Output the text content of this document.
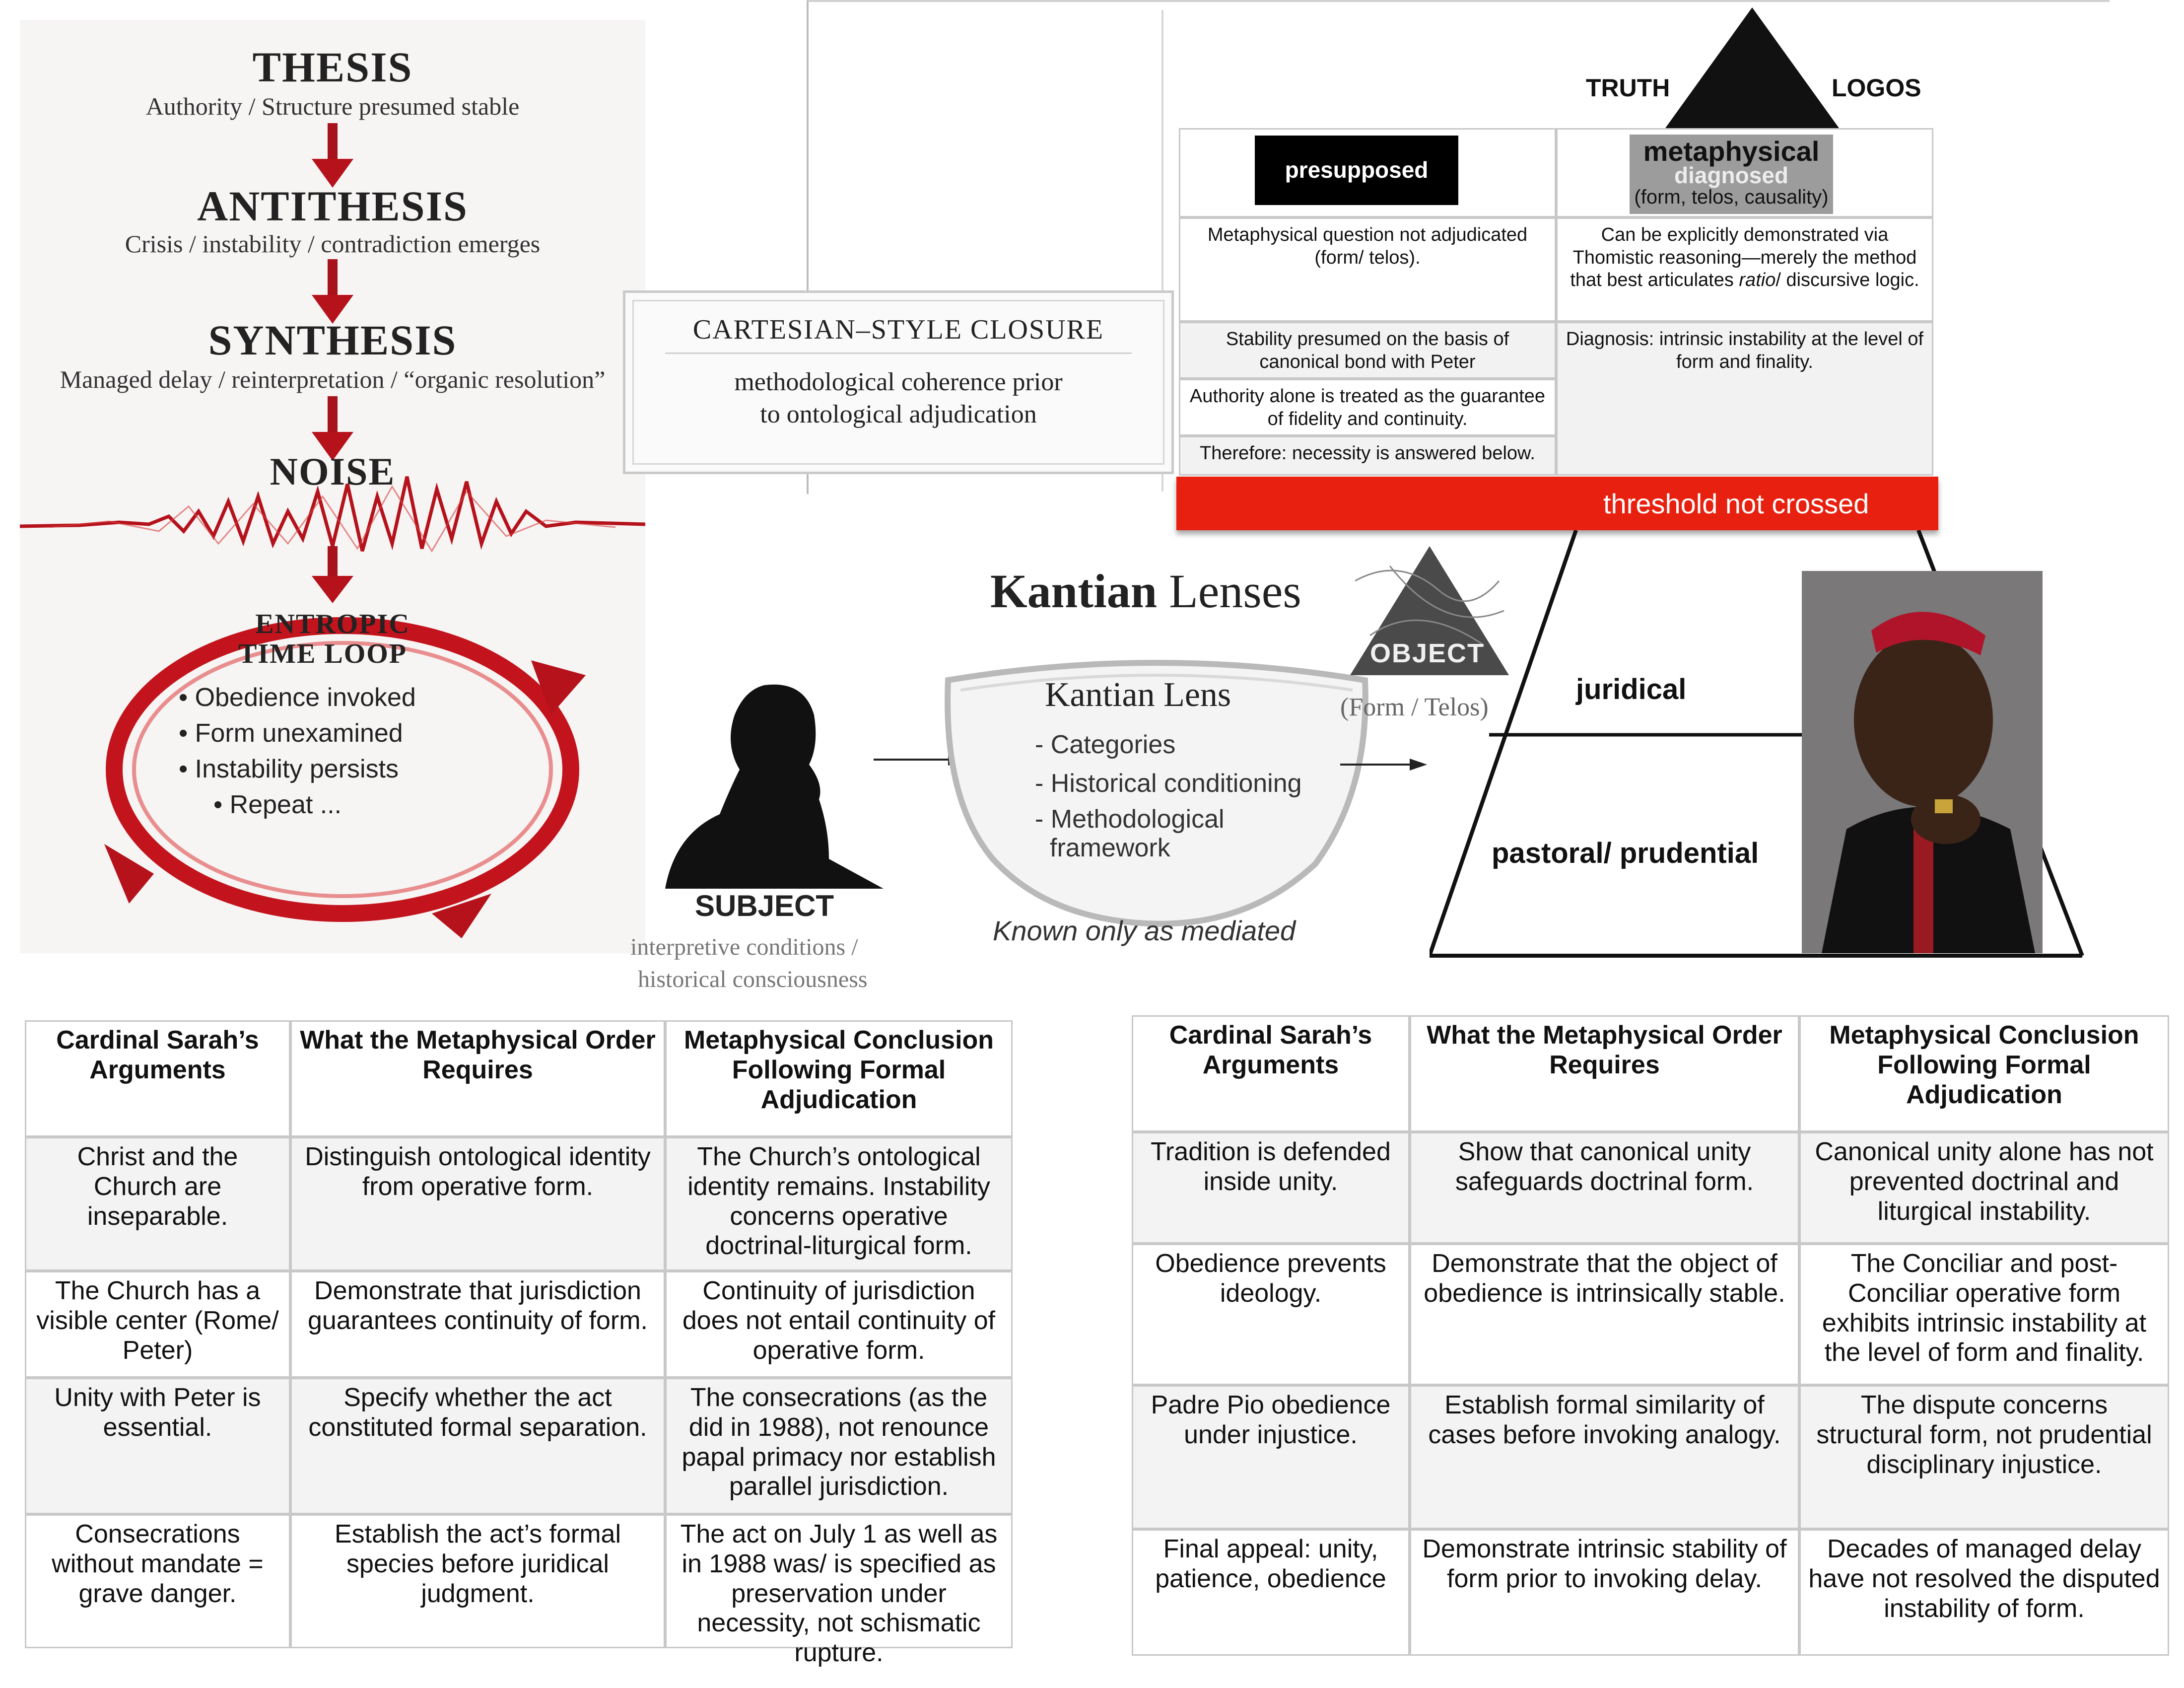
THESIS
Authority / Structure presumed stable
ANTITHESIS
Crisis / instability / contradiction emerges
SYNTHESIS
Managed delay / reinterpretation / “organic resolution”
NOISE
ENTROPIC
TIME LOOP
• Obedience invoked
• Form unexamined
• Instability persists
• Repeat ...
TRUTH	LOGOS
presupposed
metaphysical
diagnosed
(form, telos, causality)
Metaphysical question not adjudicated (form/ telos).
Stability presumed on the basis of canonical bond with Peter
Authority alone is treated as the guarantee of fidelity and continuity.
Therefore: necessity is answered below.
Can be explicitly demonstrated via Thomistic reasoning—merely the method that best articulates ratio/ discursive logic.
Diagnosis: intrinsic instability at the level of form and finality.
threshold not crossed
juridical
pastoral/ prudential
CARTESIAN–STYLE CLOSURE
methodological coherence prior
to ontological adjudication
Kantian Lenses
SUBJECT
interpretive conditions /
historical consciousness
Kantian Lens
- Categories
- Historical conditioning
- Methodological
framework
Known only as mediated
OBJECT
(Form / Telos)
Cardinal Sarah’s Arguments
What the Metaphysical Order Requires
Metaphysical Conclusion Following Formal Adjudication
Christ and the Church are inseparable.
Distinguish ontological identity from operative form.
The Church’s ontological identity remains. Instability concerns operative doctrinal-liturgical form.
The Church has a visible center (Rome/ Peter)
Demonstrate that jurisdiction guarantees continuity of form.
Continuity of jurisdiction does not entail continuity of operative form.
Unity with Peter is essential.
Specify whether the act constituted formal separation.
The consecrations (as the did in 1988), not renounce papal primacy nor establish parallel jurisdiction.
Consecrations without mandate = grave danger.
Establish the act’s formal species before juridical judgment.
The act on July 1 as well as in 1988 was/ is specified as preservation under necessity, not schismatic rupture.
Cardinal Sarah’s Arguments
What the Metaphysical Order Requires
Metaphysical Conclusion Following Formal Adjudication
Tradition is defended inside unity.
Show that canonical unity safeguards doctrinal form.
Canonical unity alone has not prevented doctrinal and liturgical instability.
Obedience prevents ideology.
Demonstrate that the object of obedience is intrinsically stable.
The Conciliar and post-Conciliar operative form exhibits intrinsic instability at the level of form and finality.
Padre Pio obedience under injustice.
Establish formal similarity of cases before invoking analogy.
The dispute concerns structural form, not prudential disciplinary injustice.
Final appeal: unity, patience, obedience
Demonstrate intrinsic stability of form prior to invoking delay.
Decades of managed delay have not resolved the disputed instability of form.
